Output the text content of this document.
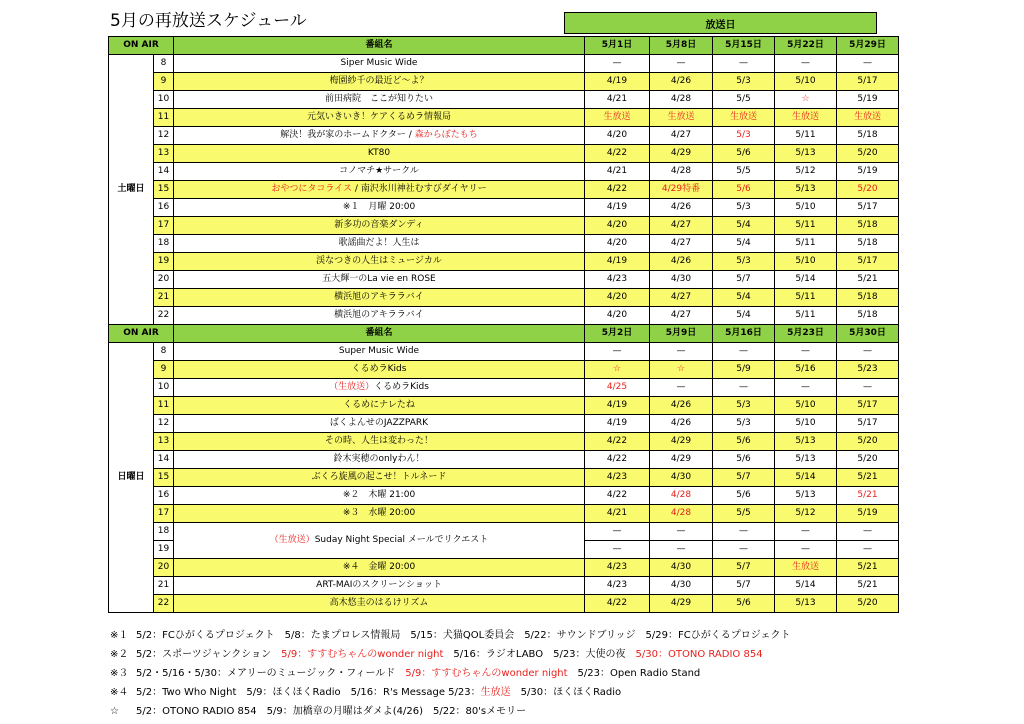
5月の再放送スケジュール	放送日
ON AIR		番組名	5月1日	5月8日	5月15日	5月22日	5月29日
土曜日	8	Siper Music Wide	—	—	—	—	—
	9	梅園紗千の最近ど～よ？	4/19	4/26	5/3	5/10	5/17
	10	前田病院　ここが知りたい	4/21	4/28	5/5	☆	5/19
	11	元気いきいき！ケアくるめラ情報局	生放送	生放送	生放送	生放送	生放送
	12	解決！我が家のホームドクター / 森からぼたもち	4/20	4/27	5/3	5/11	5/18
	13	KT80	4/22	4/29	5/6	5/13	5/20
	14	コノマチ★サークル	4/21	4/28	5/5	5/12	5/19
	15	おやつにタコライス / 南沢氷川神社むすびダイヤリー	4/22	4/29特番	5/6	5/13	5/20
	16	※１　月曜 20:00	4/19	4/26	5/3	5/10	5/17
	17	新多功の音楽ダンディ	4/20	4/27	5/4	5/11	5/18
	18	歌謡曲だよ！人生は	4/20	4/27	5/4	5/11	5/18
	19	渓なつきの人生はミュージカル	4/19	4/26	5/3	5/10	5/17
	20	五大輝一のLa vie en ROSE	4/23	4/30	5/7	5/14	5/21
	21	横浜旭のアキララバイ	4/20	4/27	5/4	5/11	5/18
	22	横浜旭のアキララバイ	4/20	4/27	5/4	5/11	5/18
ON AIR		番組名	5月2日	5月9日	5月16日	5月23日	5月30日
日曜日	8	Super Music Wide	—	—	—	—	—
	9	くるめラKids	☆	☆	5/9	5/16	5/23
	10	（生放送）くるめラKids	4/25	—	—	—	—
	11	くるめにナレたね	4/19	4/26	5/3	5/10	5/17
	12	ばくよんせのJAZZPARK	4/19	4/26	5/3	5/10	5/17
	13	その時、人生は変わった！	4/22	4/29	5/6	5/13	5/20
	14	鈴木実穂のonlyわん！	4/22	4/29	5/6	5/13	5/20
	15	ぶくろ旋風の起こせ！トルネード	4/23	4/30	5/7	5/14	5/21
	16	※２　木曜 21:00	4/22	4/28	5/6	5/13	5/21
	17	※３　水曜 20:00	4/21	4/28	5/5	5/12	5/19
	18	（生放送）Suday Night Special メールでリクエスト	—	—	—	—	—
	19		—	—	—	—	—
	20	※４　金曜 20:00	4/23	4/30	5/7	生放送	5/21
	21	ART-MAIのスクリーンショット	4/23	4/30	5/7	5/14	5/21
	22	高木悠圭のはるけリズム	4/22	4/29	5/6	5/13	5/20
※１ 5/2：FCひがくるプロジェクト　5/8：たまプロレス情報局　5/15：犬猫QOL委員会　5/22：サウンドブリッジ　5/29：FCひがくるプロジェクト
※２ 5/2：スポーツジャンクション　5/9：すすむちゃんのwonder night　5/16：ラジオLABO　5/23：大使の夜　5/30：OTONO RADIO 854
※３ 5/2・5/16・5/30：メアリーのミュージック・フィールド　5/9：すすむちゃんのwonder night　5/23：Open Radio Stand
※４ 5/2：Two Who Night　5/9：ほくほくRadio　5/16：R's Message 5/23：生放送　5/30：ほくほくRadio
☆ 5/2：OTONO RADIO 854　5/9：加橋章の月曜はダメよ(4/26)　5/22：80'sメモリー
